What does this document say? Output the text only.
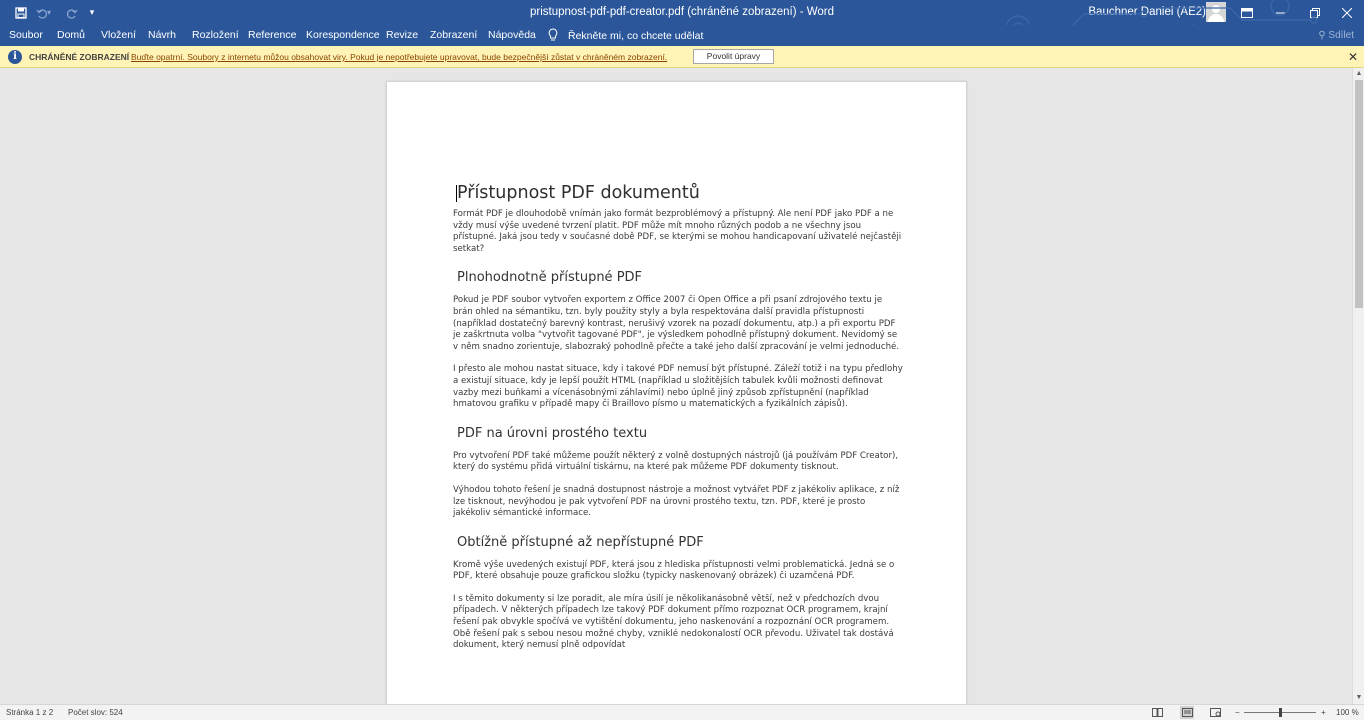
▾	▾	pristupnost-pdf-pdf-creator.pdf (chráněné zobrazení) - Word	Bauchner Daniel (AE2)
Soubor Domů Vložení Návrh Rozložení Reference Korespondence Revize Zobrazení Nápověda	Řekněte mi, co chcete udělat	⚲ Sdílet
i	CHRÁNĚNÉ ZOBRAZENÍ Buďte opatrní. Soubory z internetu můžou obsahovat viry. Pokud je nepotřebujete upravovat, bude bezpečnější zůstat v chráněném zobrazení.	Povolit úpravy	✕
Přístupnost PDF dokumentů

Formát PDF je dlouhodobě vnímán jako formát bezproblémový a přístupný. Ale není PDF jako PDF a ne vždy musí výše uvedené tvrzení platit. PDF může mít mnoho různých podob a ne všechny jsou přístupné. Jaká jsou tedy v současné době PDF, se kterými se mohou handicapovaní uživatelé nejčastěji setkat?

Plnohodnotně přístupné PDF

Pokud je PDF soubor vytvořen exportem z Office 2007 či Open Office a při psaní zdrojového textu je brán ohled na sémantiku, tzn. byly použity styly a byla respektována další pravidla přístupnosti (například dostatečný barevný kontrast, nerušivý vzorek na pozadí dokumentu, atp.) a při exportu PDF je zaškrtnuta volba "vytvořit tagované PDF", je výsledkem pohodlně přístupný dokument. Nevidomý se v něm snadno zorientuje, slabozraký pohodlně přečte a také jeho další zpracování je velmi jednoduché.

I přesto ale mohou nastat situace, kdy i takové PDF nemusí být přístupné. Záleží totiž i na typu předlohy a existují situace, kdy je lepší použít HTML (například u složitějších tabulek kvůli možnosti definovat vazby mezi buňkami a vícenásobnými záhlavími) nebo úplně jiný způsob zpřístupnění (například hmatovou grafiku v případě mapy či Braillovo písmo u matematických a fyzikálních zápisů).

PDF na úrovni prostého textu

Pro vytvoření PDF také můžeme použít některý z volně dostupných nástrojů (já používám PDF Creator), který do systému přidá virtuální tiskárnu, na které pak můžeme PDF dokumenty tisknout.

Výhodou tohoto řešení je snadná dostupnost nástroje a možnost vytvářet PDF z jakékoliv aplikace, z níž lze tisknout, nevýhodou je pak vytvoření PDF na úrovni prostého textu, tzn. PDF, které je prosto jakékoliv sémantické informace.

Obtížně přístupné až nepřístupné PDF

Kromě výše uvedených existují PDF, která jsou z hlediska přístupnosti velmi problematická. Jedná se o PDF, které obsahuje pouze grafickou složku (typicky naskenovaný obrázek) či uzamčená PDF.

I s těmito dokumenty si lze poradit, ale míra úsilí je několikanásobně větší, než v předchozích dvou případech. V některých případech lze takový PDF dokument přímo rozpoznat OCR programem, krajní řešení pak obvykle spočívá ve vytištění dokumentu, jeho naskenování a rozpoznání OCR programem. Obě řešení pak s sebou nesou možné chyby, vzniklé nedokonalostí OCR převodu. Uživatel tak dostává dokument, který nemusí plně odpovídat

▲
▼
Stránka 1 z 2 Počet slov: 524	−	+ 100 %
